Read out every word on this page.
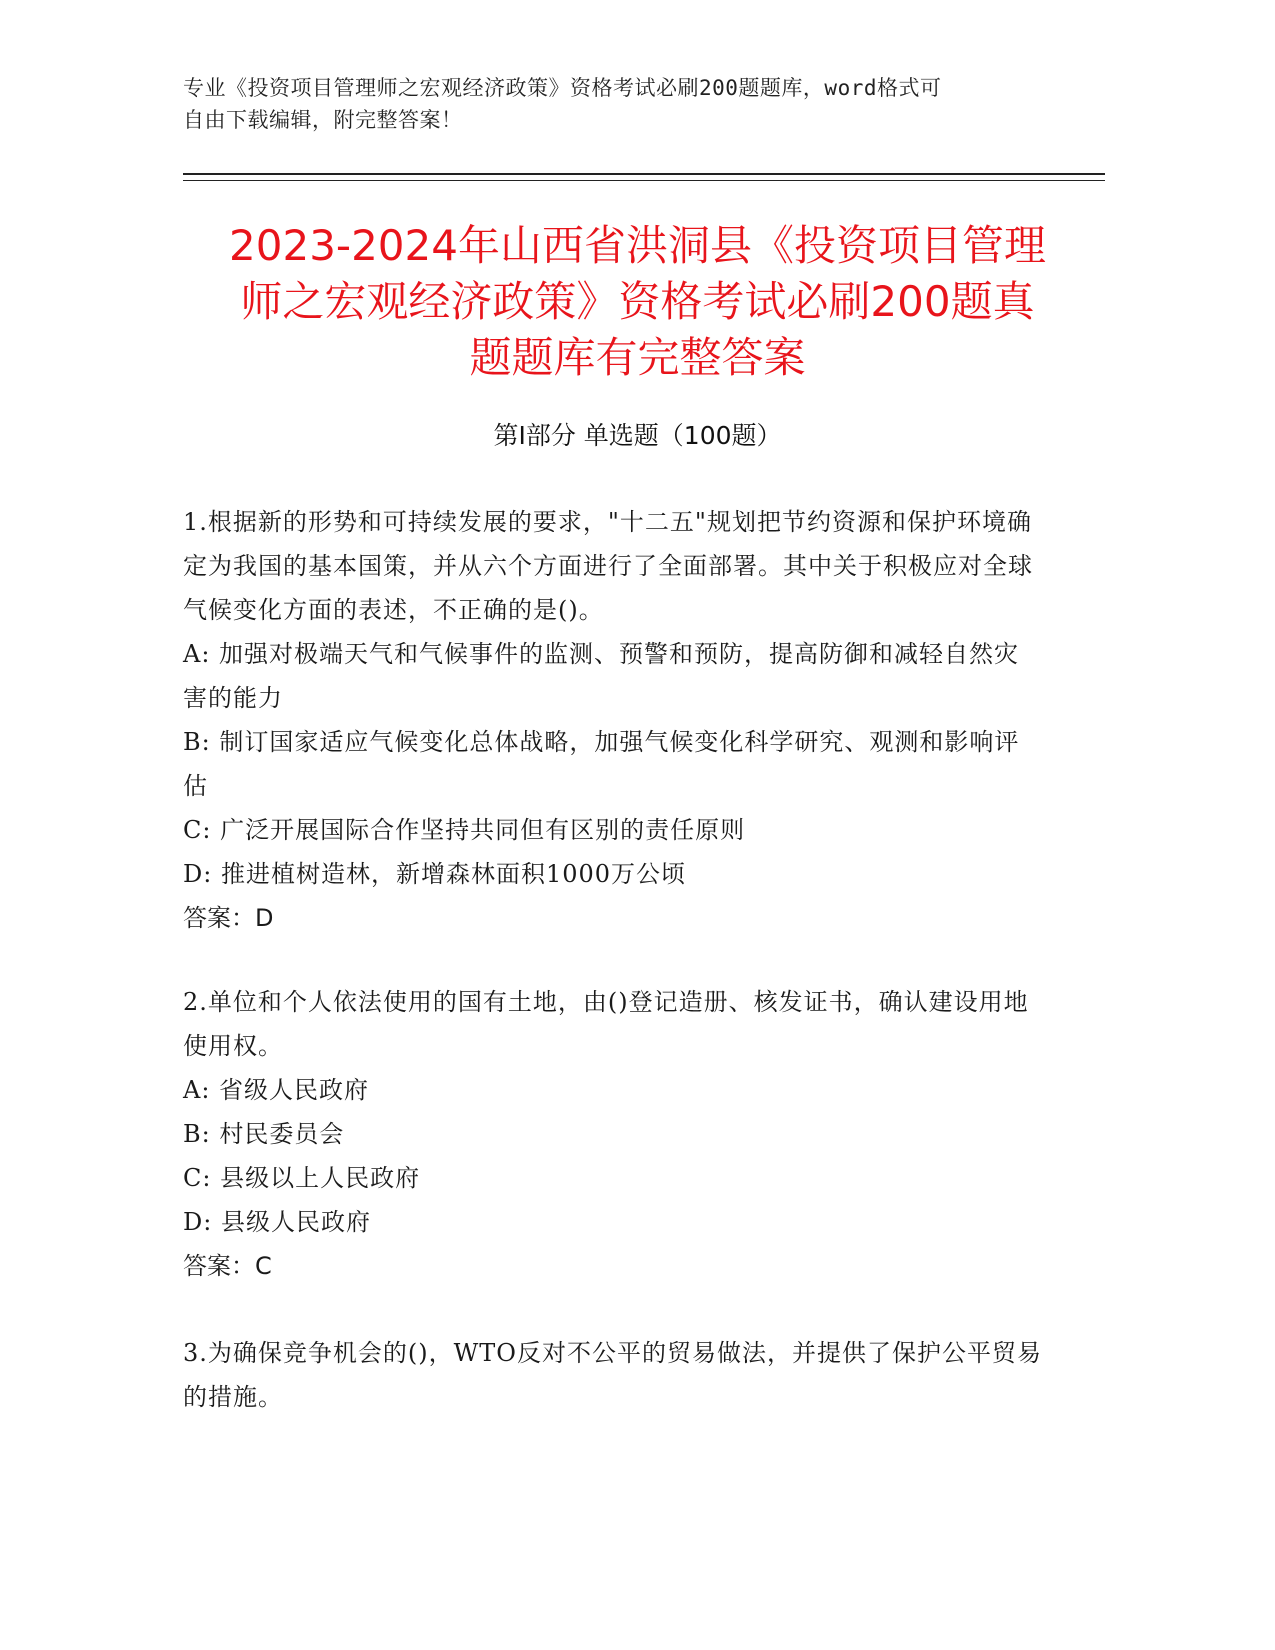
专业《投资项目管理师之宏观经济政策》资格考试必刷200题题库，word格式可
自由下载编辑，附完整答案！
2023-2024年山西省洪洞县《投资项目管理
师之宏观经济政策》资格考试必刷200题真
题题库有完整答案
第Ⅰ部分 单选题（100题）

1.根据新的形势和可持续发展的要求，"十二五"规划把节约资源和保护环境确定为我国的基本国策，并从六个方面进行了全面部署。其中关于积极应对全球气候变化方面的表述，不正确的是()。

A: 加强对极端天气和气候事件的监测、预警和预防，提高防御和减轻自然灾害的能力

B: 制订国家适应气候变化总体战略，加强气候变化科学研究、观测和影响评估

C: 广泛开展国际合作坚持共同但有区别的责任原则

D: 推进植树造林，新增森林面积1000万公顷

答案：D

2.单位和个人依法使用的国有土地，由()登记造册、核发证书，确认建设用地使用权。

A: 省级人民政府

B: 村民委员会

C: 县级以上人民政府

D: 县级人民政府

答案：C

3.为确保竞争机会的()，WTO反对不公平的贸易做法，并提供了保护公平贸易的措施。
